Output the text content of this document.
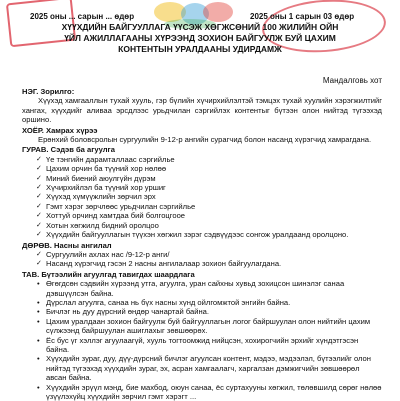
2025 оны ... сарын ... өдөр	2025 оны 1 сарын 03 өдөр
ХҮҮХДИЙН БАЙГУУЛЛАГА ҮҮСЭЖ ХӨГЖСӨНИЙ 100 ЖИЛИЙН ОЙН
ҮЙЛ АЖИЛЛАГААНЫ ХҮРЭЭНД ЗОХИОН БАЙГУУЛЖ БУЙ ЦАХИМ
КОНТЕНТЫН УРАЛДААНЫ УДИРДАМЖ
Мандалговь хот
НЭГ. Зорилго:
Хүүхэд хамгааллын тухай хууль, гэр бүлийн хүчирхийлэлтэй тэмцэх тухай хуулийн хэрэгжилтийг хангах, хүүхдийг аливаа эрсдлээс урьдчилан сэргийлэх контентыг бүтээн олон нийтэд түгээхэд оршино.
ХОЁР. Хамрах хүрээ
Ерөнхий боловсролын сургуулийн 9-12-р ангийн сурагчид болон насанд хүрэгчид хамрагдана.
ГУРАВ. Сэдэв ба агуулга
✓ Үе тэнгийн дарамталлаас сэргийлье
✓ Цахим орчин ба түүний хор нөлөө
✓ Миний биений аюулгүйн дүрэм
✓ Хүчирхийлэл ба түүний хор уршиг
✓ Хүүхэд хүмүүжлийн зөрчил эрх
✓ Гэмт хэрэг зөрчлөөс урьдчилан сэргийлье
✓ Хоттуй орчинд хамтдаа бий болгоцгоое
✓ Хотын хөгжилд бидний оролцоо
✓ Хүүхдийн байгууллагын түүхэн хөгжил зэрэг сэдвүүдээс сонгож уралдаанд оролцоно.
ДӨРӨВ. Насны ангилал
✓ Сургуулийн ахлах нас /9-12-р анги/
✓ Насанд хүрэгчид гэсэн 2 насны ангилалаар зохион байгуулагдана.
ТАВ. Бүтээлийн агуулгад тавигдах шаардлага
• Өгөгдсөн сэдвийн хүрээнд утга, агуулга, уран сайхны хувьд зохицсон шинэлэг санаа дэвшүүлсэн байна.
• Дүрслал агуулга, санаа нь бүх насны хүнд ойлгомжтой энгийн байна.
• Бичлэг нь дуу дүрсний өндөр чанартай байна.
• Цахим уралдаан зохион байгуулж буй байгууллагын логог байршуулан олон нийтийн цахим сүлжээнд байршуулан ашиглахыг зөвшөөрөх.
• Ёс бус үг хэллэг агуулаагүй, хууль тогтоомжид нийцсэн, хохирогчийн эрхийг хүндэтгэсэн байна.
• Хүүхдийн зураг, дуу, дүү-дүрсний бичлэг агуулсан контент, мэдээ, мэдээлэл, бүтээлийг олон нийтэд түгээхэд хүүхдийн зураг, эх, асран хамгаалагч, харгалзан дэмжигчийн зөвшөөрөл авсан байна.
• Хүүхдийн эрүүл мэнд, бие махбод, оюун санаа, ёс суртахууны хөгжил, төлөвшилд сөрөг нөлөө үзүүлэхүйц хүүхдийн зөрчил гэмт хэрэгт ...
